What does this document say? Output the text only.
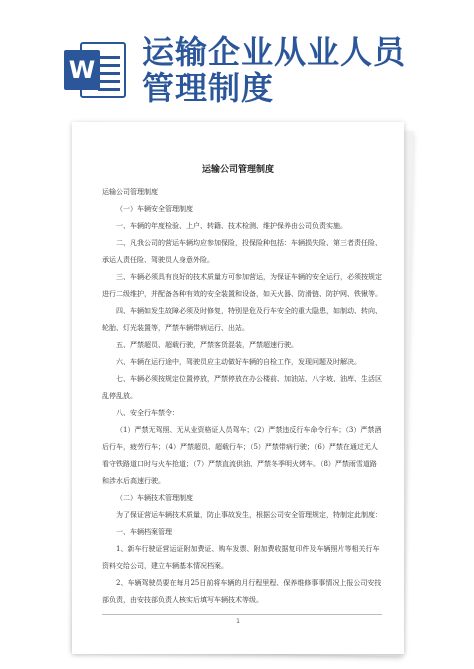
W 运输企业从业人员
管理制度
运输公司管理制度

运输公司管理制度

（一）车辆安全管理制度

一、车辆的年度检验、上户、转籍、技术检测、维护保养由公司负责实施。

二、凡我公司的营运车辆均应参加保险，投保险种包括：车辆损失险、第三者责任险、承运人责任险、驾驶员人身意外险。

三、车辆必须具有良好的技术质量方可参加营运，为保证车辆的安全运行，必须按规定进行二级维护，并配备各种有效的安全装置和设备，如天火器、防滑链、防护网、铁锹等。

四、车辆如发生故障必须及时修复，特别是危及行车安全的重大隐患，如制动、转向、轮胎、灯光装置等，严禁车辆带病运行、出站。

五、严禁超员、超载行驶，严禁客货混装，严禁超速行驶。

六、车辆在运行途中，驾驶员应主动做好车辆的自检工作，发现问题及时解决。

七、车辆必须按规定位置停放，严禁停放在办公楼前、加油站、八字坡、油库、生活区乱停乱放。

八、安全行车禁令：

（1）严禁无驾照、无从业资格证人员驾车；（2）严禁违反行车命令行车；（3）严禁酒后行车，疲劳行车；（4）严禁超员、超载行车；（5）严禁带病行驶；（6）严禁在通过无人看守铁路道口时与火车抢道；（7）严禁直流供油、严禁冬季明火烤车。（8）严禁雨雪道路和涉水后高速行驶。

（二）车辆技术管理制度

为了保证营运车辆技术质量，防止事故发生，根据公司安全管理规定，特制定此制度：

一、车辆档案管理

1、新车行驶证营运证附加费证、购车发票、附加费收据复印件及车辆照片等相关行车资料交给公司，建立车辆基本情况档案。

2、车辆驾驶员要在每月25日前将车辆的月行程里程、保养维修事事情况上报公司安技部负责，由安技部负责人核实后填写车辆技术等级。

1
